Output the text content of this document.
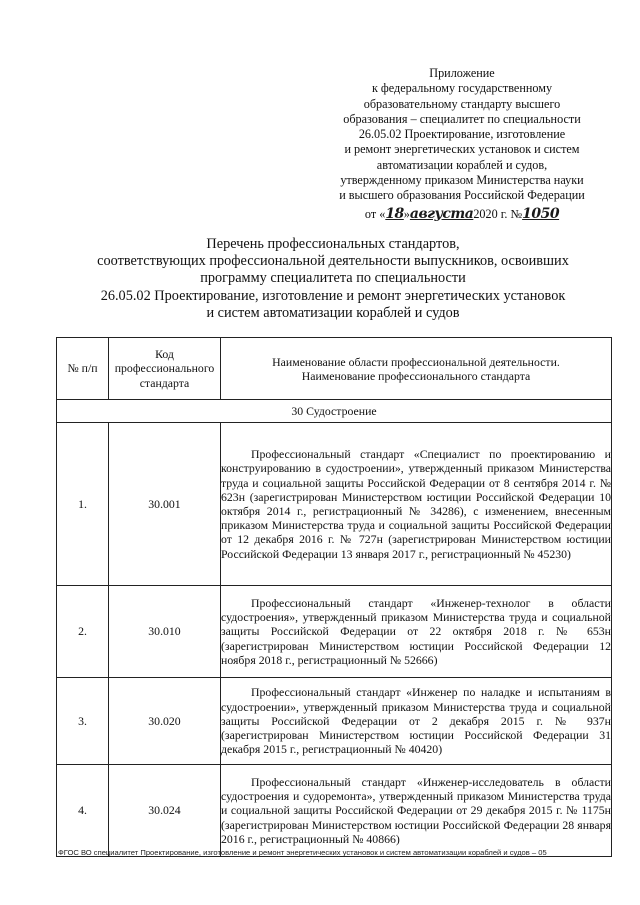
Приложение
к федеральному государственному
образовательному стандарту высшего
образования – специалитет по специальности
26.05.02 Проектирование, изготовление
и ремонт энергетических установок и систем
автоматизации кораблей и судов,
утвержденному приказом Министерства науки
и высшего образования Российской Федерации
от «18»августа2020 г. №1050
Перечень профессиональных стандартов,
соответствующих профессиональной деятельности выпускников, освоивших
программу специалитета по специальности
26.05.02 Проектирование, изготовление и ремонт энергетических установок
и систем автоматизации кораблей и судов
№ п/п	Код профессионального стандарта	Наименование области профессиональной деятельности.
Наименование профессионального стандарта

30 Судостроение		
1.	30.001	Профессиональный стандарт «Специалист по проектированию и конструированию в судостроении», утвержденный приказом Министерства труда и социальной защиты Российской Федерации от 8 сентября 2014 г. № 623н (зарегистрирован Министерством юстиции Российской Федерации 10 октября 2014 г., регистрационный № 34286), с изменением, внесенным приказом Министерства труда и социальной защиты Российской Федерации от 12 декабря 2016 г. № 727н (зарегистрирован Министерством юстиции Российской Федерации 13 января 2017 г., регистрационный № 45230)

2.	30.010	Профессиональный стандарт «Инженер-технолог в области судостроения», утвержденный приказом Министерства труда и социальной защиты Российской Федерации от 22 октября 2018 г. № 653н (зарегистрирован Министерством юстиции Российской Федерации 12 ноября 2018 г., регистрационный № 52666)

3.	30.020	Профессиональный стандарт «Инженер по наладке и испытаниям в судостроении», утвержденный приказом Министерства труда и социальной защиты Российской Федерации от 2 декабря 2015 г. № 937н (зарегистрирован Министерством юстиции Российской Федерации 31 декабря 2015 г., регистрационный № 40420)

4.	30.024	Профессиональный стандарт «Инженер-исследователь в области судостроения и судоремонта», утвержденный приказом Министерства труда и социальной защиты Российской Федерации от 29 декабря 2015 г. № 1175н (зарегистрирован Министерством юстиции Российской Федерации 28 января 2016 г., регистрационный № 40866)

ФГОС ВО специалитет Проектирование, изготовление и ремонт энергетических установок и систем автоматизации кораблей и судов – 05
